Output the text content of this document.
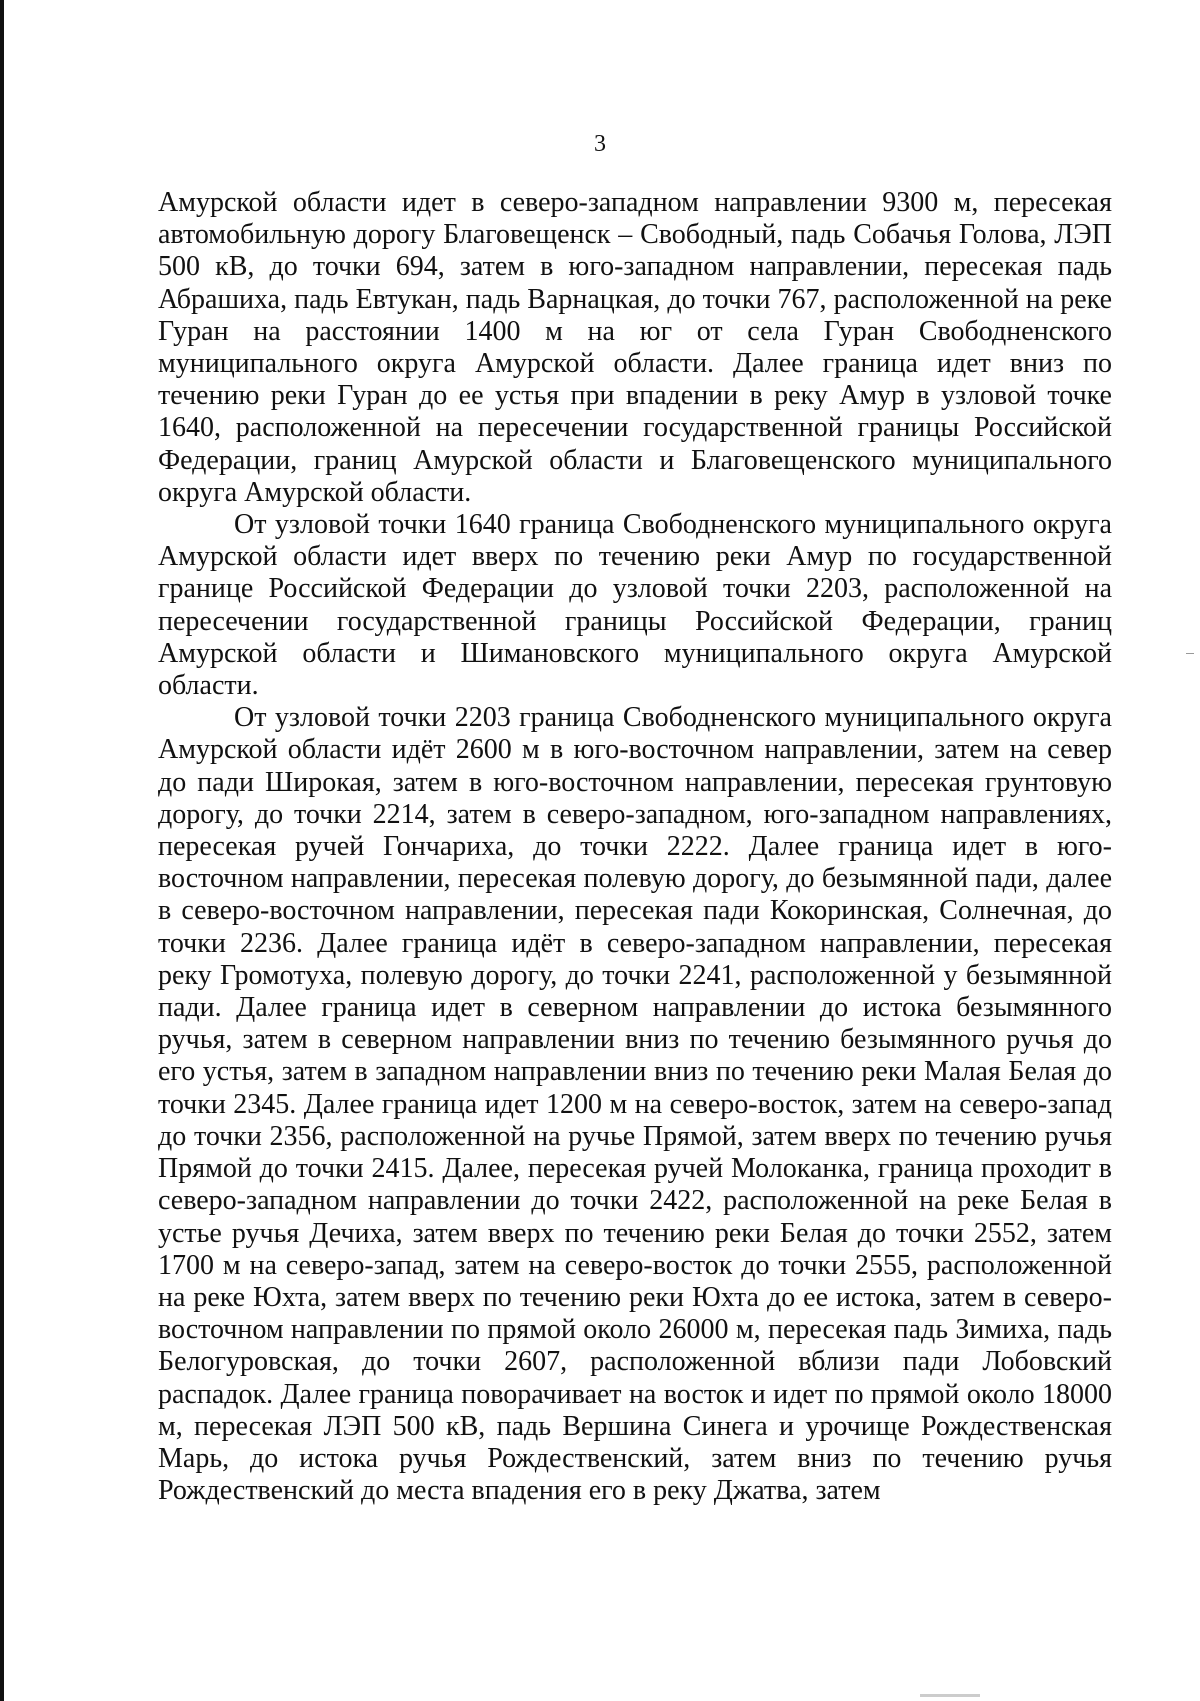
3

Амурской области идет в северо-западном направлении 9300 м, пересекая автомобильную дорогу Благовещенск – Свободный, падь Собачья Голова, ЛЭП 500 кВ, до точки 694, затем в юго-западном направлении, пересекая падь Абрашиха, падь Евтукан, падь Варнацкая, до точки 767, расположенной на реке Гуран на расстоянии 1400 м на юг от села Гуран Свободненского муниципального округа Амурской области. Далее граница идет вниз по течению реки Гуран до ее устья при впадении в реку Амур в узловой точке 1640, расположенной на пересечении государственной границы Российской Федерации, границ Амурской области и Благовещенского муниципального округа Амурской области.

От узловой точки 1640 граница Свободненского муниципального округа Амурской области идет вверх по течению реки Амур по государственной границе Российской Федерации до узловой точки 2203, расположенной на пересечении государственной границы Российской Федерации, границ Амурской области и Шимановского муниципального округа Амурской области.

От узловой точки 2203 граница Свободненского муниципального округа Амурской области идёт 2600 м в юго-восточном направлении, затем на север до пади Широкая, затем в юго-восточном направлении, пересекая грунтовую дорогу, до точки 2214, затем в северо-западном, юго-западном направлениях, пересекая ручей Гончариха, до точки 2222. Далее граница идет в юго-восточном направлении, пересекая полевую дорогу, до безымянной пади, далее в северо-восточном направлении, пересекая пади Кокоринская, Солнечная, до точки 2236. Далее граница идёт в северо-западном направлении, пересекая реку Громотуха, полевую дорогу, до точки 2241, расположенной у безымянной пади. Далее граница идет в северном направлении до истока безымянного ручья, затем в северном направлении вниз по течению безымянного ручья до его устья, затем в западном направлении вниз по течению реки Малая Белая до точки 2345. Далее граница идет 1200 м на северо-восток, затем на северо-запад до точки 2356, расположенной на ручье Прямой, затем вверх по течению ручья Прямой до точки 2415. Далее, пересекая ручей Молоканка, граница проходит в северо-западном направлении до точки 2422, расположенной на реке Белая в устье ручья Дечиха, затем вверх по течению реки Белая до точки 2552, затем 1700 м на северо-запад, затем на северо-восток до точки 2555, расположенной на реке Юхта, затем вверх по течению реки Юхта до ее истока, затем в северо-восточном направлении по прямой около 26000 м, пересекая падь Зимиха, падь Белогуровская, до точки 2607, расположенной вблизи пади Лобовский распадок. Далее граница поворачивает на восток и идет по прямой около 18000 м, пересекая ЛЭП 500 кВ, падь Вершина Синега и урочище Рождественская Марь, до истока ручья Рождественский, затем вниз по течению ручья Рождественский до места впадения его в реку Джатва, затем
